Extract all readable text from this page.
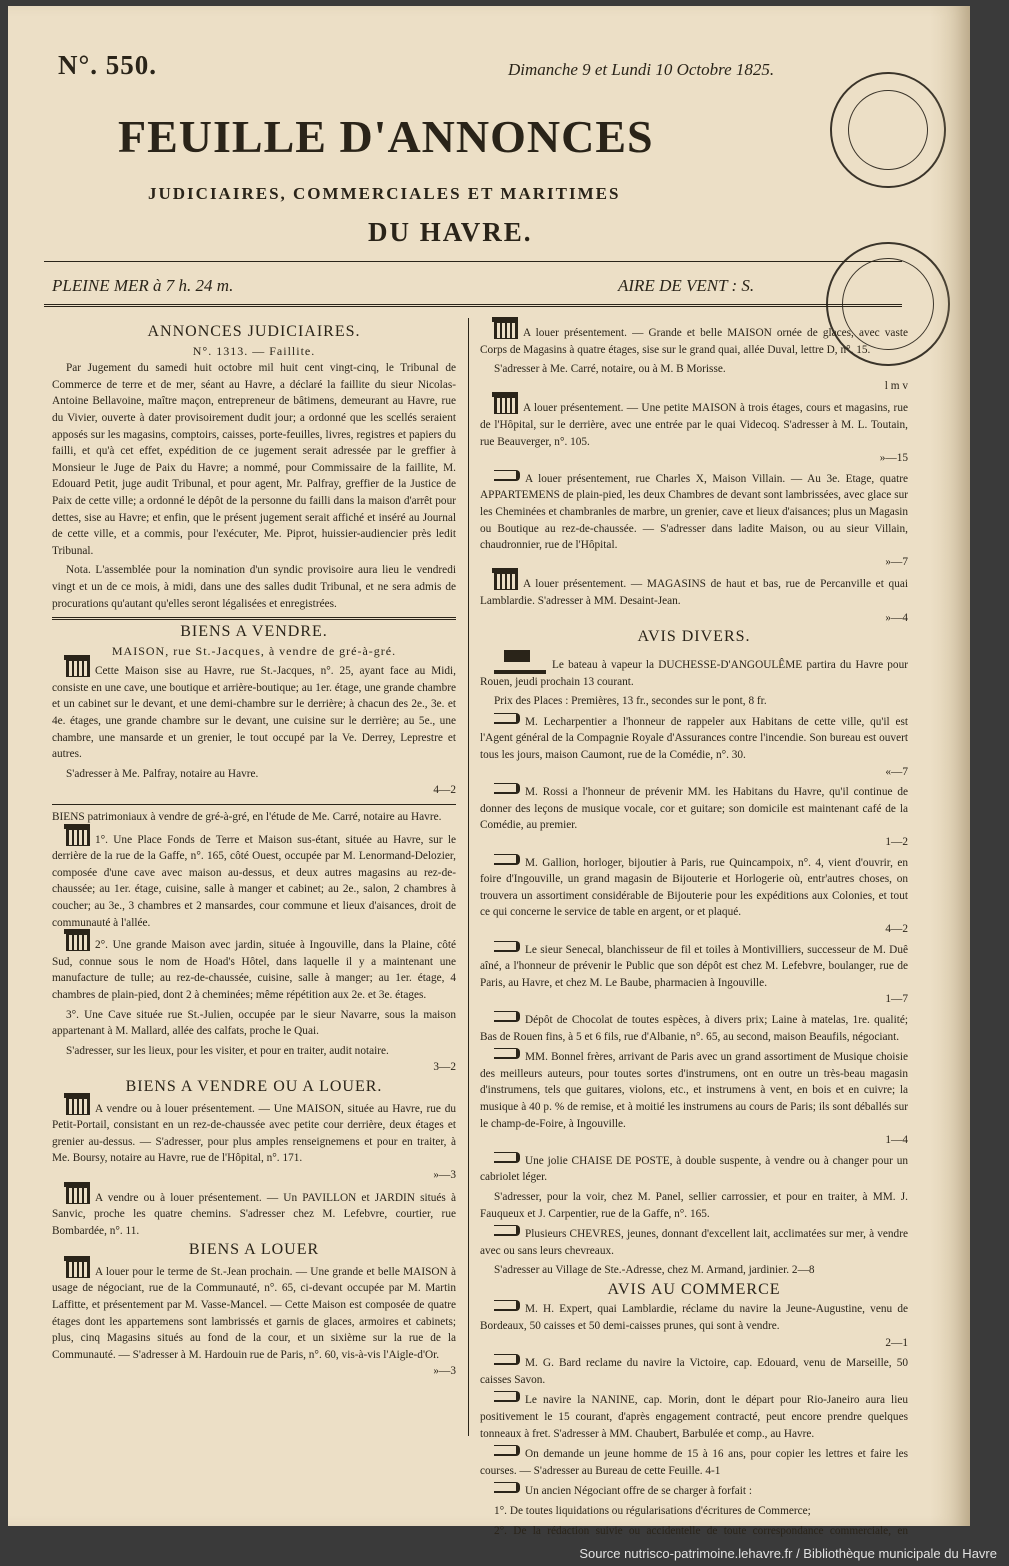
N°. 550.	Dimanche 9 et Lundi 10 Octobre 1825.
FEUILLE D'ANNONCES
JUDICIAIRES, COMMERCIALES ET MARITIMES
DU HAVRE.
PLEINE MER à 7 h. 24 m.	AIRE DE VENT : S.
ANNONCES JUDICIAIRES.
N°. 1313. — Faillite.

Par Jugement du samedi huit octobre mil huit cent vingt-cinq, le Tribunal de Commerce de terre et de mer, séant au Havre, a déclaré la faillite du sieur Nicolas-Antoine Bellavoine, maître maçon, entrepreneur de bâtimens, demeurant au Havre, rue du Vivier, ouverte à dater provisoirement dudit jour; a ordonné que les scellés seraient apposés sur les magasins, comptoirs, caisses, porte-feuilles, livres, registres et papiers du failli, et qu'à cet effet, expédition de ce jugement serait adressée par le greffier à Monsieur le Juge de Paix du Havre; a nommé, pour Commissaire de la faillite, M. Edouard Petit, juge audit Tribunal, et pour agent, Mr. Palfray, greffier de la Justice de Paix de cette ville; a ordonné le dépôt de la personne du failli dans la maison d'arrêt pour dettes, sise au Havre; et enfin, que le présent jugement serait affiché et inséré au Journal de cette ville, et a commis, pour l'exécuter, Me. Piprot, huissier-audiencier près ledit Tribunal.

Nota. L'assemblée pour la nomination d'un syndic provisoire aura lieu le vendredi vingt et un de ce mois, à midi, dans une des salles dudit Tribunal, et ne sera admis de procurations qu'autant qu'elles seront légalisées et enregistrées.

BIENS A VENDRE.
MAISON, rue St.-Jacques, à vendre de gré-à-gré.

Cette Maison sise au Havre, rue St.-Jacques, n°. 25, ayant face au Midi, consiste en une cave, une boutique et arrière-boutique; au 1er. étage, une grande chambre et un cabinet sur le devant, et une demi-chambre sur le derrière; à chacun des 2e., 3e. et 4e. étages, une grande chambre sur le devant, une cuisine sur le derrière; au 5e., une chambre, une mansarde et un grenier, le tout occupé par la Ve. Derrey, Leprestre et autres.

S'adresser à Me. Palfray, notaire au Havre.

4—2

BIENS patrimoniaux à vendre de gré-à-gré, en l'étude de Me. Carré, notaire au Havre.

1°. Une Place Fonds de Terre et Maison sus-étant, située au Havre, sur le derrière de la rue de la Gaffe, n°. 165, côté Ouest, occupée par M. Lenormand-Delozier, composée d'une cave avec maison au-dessus, et deux autres magasins au rez-de-chaussée; au 1er. étage, cuisine, salle à manger et cabinet; au 2e., salon, 2 chambres à coucher; au 3e., 3 chambres et 2 mansardes, cour commune et lieux d'aisances, droit de communauté à l'allée.

2°. Une grande Maison avec jardin, située à Ingouville, dans la Plaine, côté Sud, connue sous le nom de Hoad's Hôtel, dans laquelle il y a maintenant une manufacture de tulle; au rez-de-chaussée, cuisine, salle à manger; au 1er. étage, 4 chambres de plain-pied, dont 2 à cheminées; même répétition aux 2e. et 3e. étages.

3°. Une Cave située rue St.-Julien, occupée par le sieur Navarre, sous la maison appartenant à M. Mallard, allée des calfats, proche le Quai.

S'adresser, sur les lieux, pour les visiter, et pour en traiter, audit notaire.

3—2
BIENS A VENDRE OU A LOUER.

A vendre ou à louer présentement. — Une MAISON, située au Havre, rue du Petit-Portail, consistant en un rez-de-chaussée avec petite cour derrière, deux étages et grenier au-dessus. — S'adresser, pour plus amples renseignemens et pour en traiter, à Me. Boursy, notaire au Havre, rue de l'Hôpital, n°. 171.

»—3

A vendre ou à louer présentement. — Un PAVILLON et JARDIN situés à Sanvic, proche les quatre chemins. S'adresser chez M. Lefebvre, courtier, rue Bombardée, n°. 11.

BIENS A LOUER

A louer pour le terme de St.-Jean prochain. — Une grande et belle MAISON à usage de négociant, rue de la Communauté, n°. 65, ci-devant occupée par M. Martin Laffitte, et présentement par M. Vasse-Mancel. — Cette Maison est composée de quatre étages dont les appartemens sont lambrissés et garnis de glaces, armoires et cabinets; plus, cinq Magasins situés au fond de la cour, et un sixième sur la rue de la Communauté. — S'adresser à M. Hardouin rue de Paris, n°. 60, vis-à-vis l'Aigle-d'Or.

»—3

A louer présentement. — Grande et belle MAISON ornée de glaces, avec vaste Corps de Magasins à quatre étages, sise sur le grand quai, allée Duval, lettre D, n°. 15.

S'adresser à Me. Carré, notaire, ou à M. B Morisse.

l m v

A louer présentement. — Une petite MAISON à trois étages, cours et magasins, rue de l'Hôpital, sur le derrière, avec une entrée par le quai Videcoq. S'adresser à M. L. Toutain, rue Beauverger, n°. 105.

»—15

A louer présentement, rue Charles X, Maison Villain. — Au 3e. Etage, quatre APPARTEMENS de plain-pied, les deux Chambres de devant sont lambrissées, avec glace sur les Cheminées et chambranles de marbre, un grenier, cave et lieux d'aisances; plus un Magasin ou Boutique au rez-de-chaussée. — S'adresser dans ladite Maison, ou au sieur Villain, chaudronnier, rue de l'Hôpital.

»—7

A louer présentement. — MAGASINS de haut et bas, rue de Percanville et quai Lamblardie. S'adresser à MM. Desaint-Jean.

»—4
AVIS DIVERS.

Le bateau à vapeur la DUCHESSE-D'ANGOULÊME partira du Havre pour Rouen, jeudi prochain 13 courant.

Prix des Places : Premières, 13 fr., secondes sur le pont, 8 fr.

M. Lecharpentier a l'honneur de rappeler aux Habitans de cette ville, qu'il est l'Agent général de la Compagnie Royale d'Assurances contre l'incendie. Son bureau est ouvert tous les jours, maison Caumont, rue de la Comédie, n°. 30.

«—7

M. Rossi a l'honneur de prévenir MM. les Habitans du Havre, qu'il continue de donner des leçons de musique vocale, cor et guitare; son domicile est maintenant café de la Comédie, au premier.

1—2

M. Gallion, horloger, bijoutier à Paris, rue Quincampoix, n°. 4, vient d'ouvrir, en foire d'Ingouville, un grand magasin de Bijouterie et Horlogerie où, entr'autres choses, on trouvera un assortiment considérable de Bijouterie pour les expéditions aux Colonies, et tout ce qui concerne le service de table en argent, or et plaqué.

4—2

Le sieur Senecal, blanchisseur de fil et toiles à Montivilliers, successeur de M. Duê aîné, a l'honneur de prévenir le Public que son dépôt est chez M. Lefebvre, boulanger, rue de Paris, au Havre, et chez M. Le Baube, pharmacien à Ingouville.

1—7

Dépôt de Chocolat de toutes espèces, à divers prix; Laine à matelas, 1re. qualité; Bas de Rouen fins, à 5 et 6 fils, rue d'Albanie, n°. 65, au second, maison Beaufils, négociant.

MM. Bonnel frères, arrivant de Paris avec un grand assortiment de Musique choisie des meilleurs auteurs, pour toutes sortes d'instrumens, ont en outre un très-beau magasin d'instrumens, tels que guitares, violons, etc., et instrumens à vent, en bois et en cuivre; la musique à 40 p. % de remise, et à moitié les instrumens au cours de Paris; ils sont déballés sur le champ-de-Foire, à Ingouville.

1—4

Une jolie CHAISE DE POSTE, à double suspente, à vendre ou à changer pour un cabriolet léger.

S'adresser, pour la voir, chez M. Panel, sellier carrossier, et pour en traiter, à MM. J. Fauqueux et J. Carpentier, rue de la Gaffe, n°. 165.

Plusieurs CHEVRES, jeunes, donnant d'excellent lait, acclimatées sur mer, à vendre avec ou sans leurs chevreaux.

S'adresser au Village de Ste.-Adresse, chez M. Armand, jardinier. 2—8

AVIS AU COMMERCE

M. H. Expert, quai Lamblardie, réclame du navire la Jeune-Augustine, venu de Bordeaux, 50 caisses et 50 demi-caisses prunes, qui sont à vendre.

2—1

M. G. Bard reclame du navire la Victoire, cap. Edouard, venu de Marseille, 50 caisses Savon.

Le navire la NANINE, cap. Morin, dont le départ pour Rio-Janeiro aura lieu positivement le 15 courant, d'après engagement contracté, peut encore prendre quelques tonneaux à fret. S'adresser à MM. Chaubert, Barbulée et comp., au Havre.

On demande un jeune homme de 15 à 16 ans, pour copier les lettres et faire les courses. — S'adresser au Bureau de cette Feuille. 4-1

Un ancien Négociant offre de se charger à forfait :

1°. De toutes liquidations ou régularisations d'écritures de Commerce;

2°. De la rédaction suivie ou accidentelle de toute correspondance commerciale, en

Source nutrisco-patrimoine.lehavre.fr / Bibliothèque municipale du Havre
